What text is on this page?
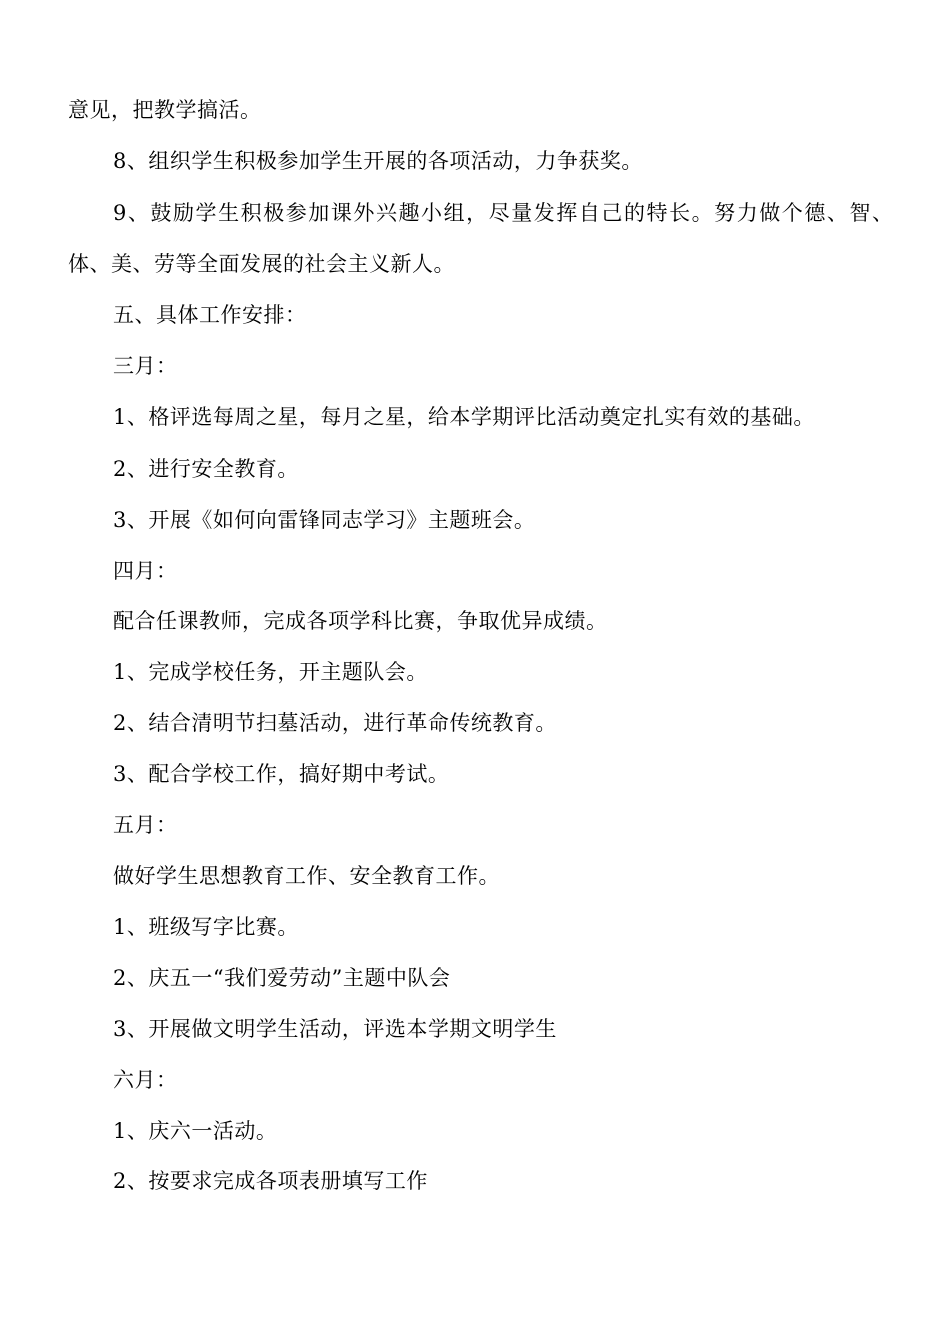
意见，把教学搞活。
8、组织学生积极参加学生开展的各项活动，力争获奖。
9、鼓励学生积极参加课外兴趣小组，尽量发挥自己的特长。努力做个德、智、
体、美、劳等全面发展的社会主义新人。
五、具体工作安排：
三月：
1、格评选每周之星，每月之星，给本学期评比活动奠定扎实有效的基础。
2、进行安全教育。
3、开展《如何向雷锋同志学习》主题班会。
四月：
配合任课教师，完成各项学科比赛，争取优异成绩。
1、完成学校任务，开主题队会。
2、结合清明节扫墓活动，进行革命传统教育。
3、配合学校工作，搞好期中考试。
五月：
做好学生思想教育工作、安全教育工作。
1、班级写字比赛。
2、庆五一“我们爱劳动”主题中队会
3、开展做文明学生活动，评选本学期文明学生
六月：
1、庆六一活动。
2、按要求完成各项表册填写工作
